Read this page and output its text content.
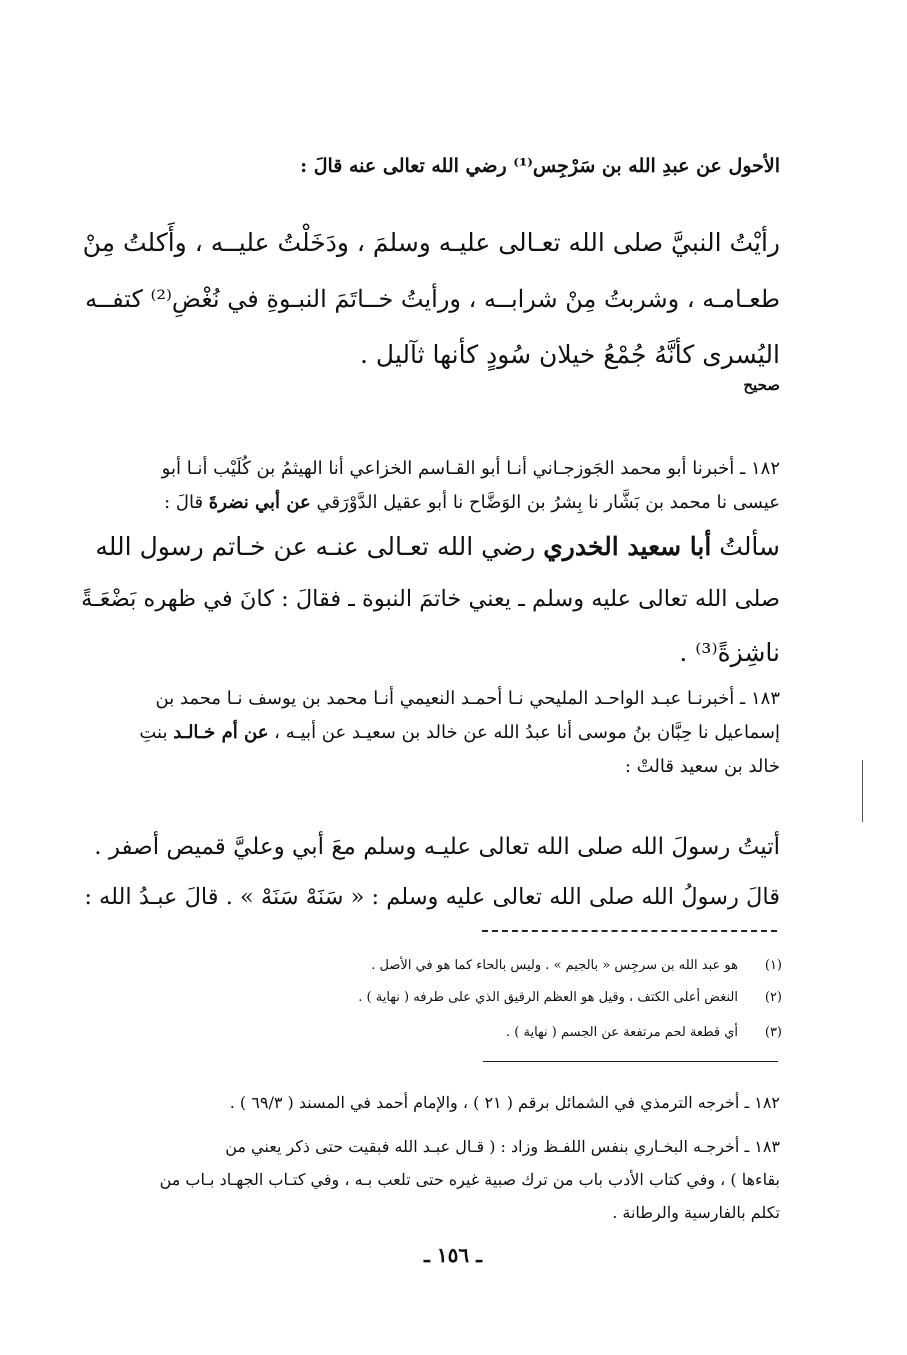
الأحول عن عبدِ الله بن سَرْجِس⁽¹⁾ رضي الله تعالى عنه قالَ :

رأيْتُ النبيَّ صلى الله تعـالى عليـه وسلمَ ، ودَخَلْتُ عليــه ، وأَكلتُ مِنْ
طعـامـه ، وشربتُ مِنْ شرابــه ، ورأيتُ خــاتَمَ النبـوةِ في نُغْضِ⁽²⁾ كتفــه
اليُسرى كأنَّهُ جُمْعُ خيلان سُودٍ كأنها ثآليل .

صحيح

١٨٢ ـ أخبرنا أبو محمد الجَوزجـاني أنـا أبو القـاسم الخزاعي أنا الهيثمُ بن كُلَيْب أنـا أبو
عيسى نا محمد بن بَشَّار نا بِشرُ بن الوَضَّاح نا أبو عقيل الدَّوْرَقي عن أبي نضرةَ قالَ :

سألتُ أبا سعيد الخدري رضي الله تعـالى عنـه عن خـاتم رسول الله
صلى الله تعالى عليه وسلم ـ يعني خاتمَ النبوة ـ فقالَ : كانَ في ظهره بَضْعَـةً
ناشِزةً⁽³⁾ .

١٨٣ ـ أخبرنـا عبـد الواحـد المليحي نـا أحمـد النعيمي أنـا محمد بن يوسف نـا محمد بن
إسماعيل نا حِبَّان بنُ موسى أنا عبدُ الله عن خالد بن سعيـد عن أبيـه ، عن أم خـالـد بنتِ
خالد بن سعيد قالتْ :

أتيتُ رسولَ الله صلى الله تعالى عليـه وسلم معَ أبي وعليَّ قميص أصفر .
قالَ رسولُ الله صلى الله تعالى عليه وسلم : « سَنَهْ سَنَهْ » . قالَ عبـدُ الله :

(١)هو عبد الله بن سرجِس « بالجيم » . وليس بالحاء كما هو في الأصل .
(٢)النغض أعلى الكتف ، وقيل هو العظم الرقيق الذي على طرفه ( نهاية ) .
(٣)أي قطعة لحم مرتفعة عن الجسم ( نهاية ) .

١٨٢ ـ أخرجه الترمذي في الشمائل برقم ( ٢١ ) ، والإمام أحمد في المسند ( ٦٩/٣ ) .

١٨٣ ـ أخرجـه البخـاري بنفس اللفـظ وزاد : ( قـال عبـد الله فبقيت حتى ذكر يعني من
بقاءها ) ، وفي كتاب الأدب باب من ترك صبية غيره حتى تلعب بـه ، وفي كتـاب الجهـاد بـاب من
تكلم بالفارسية والرطانة .

ـ ١٥٦ ـ
